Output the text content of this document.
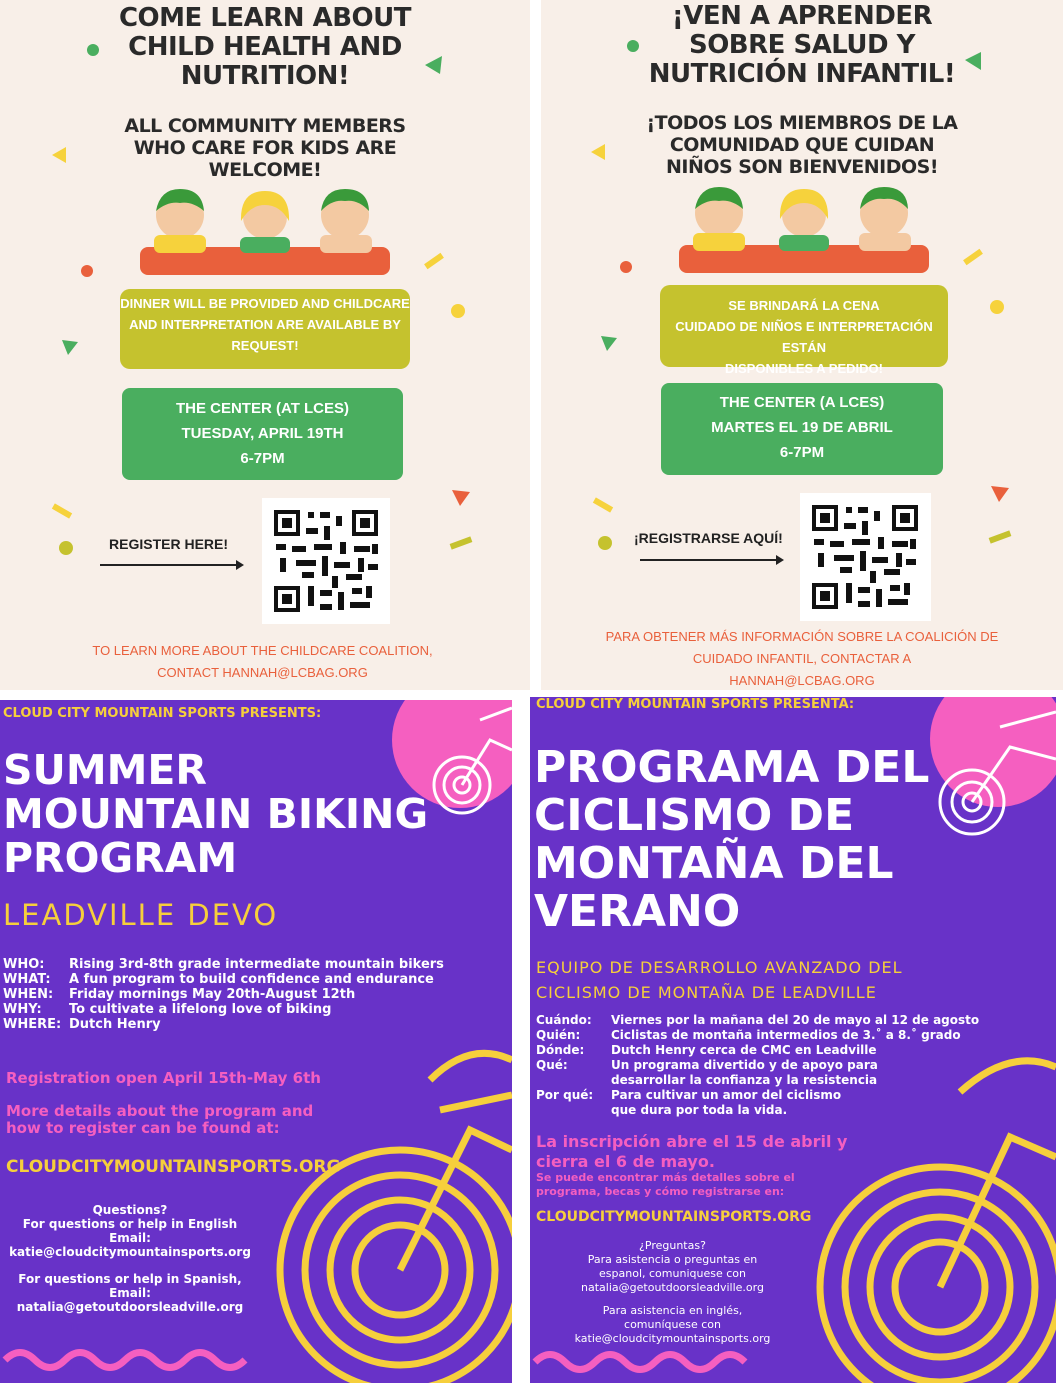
COME LEARN ABOUT
CHILD HEALTH AND
NUTRITION!
ALL COMMUNITY MEMBERS
WHO CARE FOR KIDS ARE
WELCOME!
DINNER WILL BE PROVIDED AND CHILDCARE
AND INTERPRETATION ARE AVAILABLE BY
REQUEST!
THE CENTER (AT LCES)
TUESDAY, APRIL 19TH
6-7PM
REGISTER HERE!
TO LEARN MORE ABOUT THE CHILDCARE COALITION,
CONTACT HANNAH@LCBAG.ORG
¡VEN A APRENDER
SOBRE SALUD Y
NUTRICIÓN INFANTIL!
¡TODOS LOS MIEMBROS DE LA
COMUNIDAD QUE CUIDAN
NIÑOS SON BIENVENIDOS!
SE BRINDARÁ LA CENA
CUIDADO DE NIÑOS E INTERPRETACIÓN ESTÁN
DISPONIBLES A PEDIDO!
THE CENTER (A LCES)
MARTES EL 19 DE ABRIL
6-7PM
¡REGISTRARSE AQUÍ!
PARA OBTENER MÁS INFORMACIÓN SOBRE LA COALICIÓN DE
CUIDADO INFANTIL, CONTACTAR A
HANNAH@LCBAG.ORG
CLOUD CITY MOUNTAIN SPORTS PRESENTS:
SUMMER
MOUNTAIN BIKING
PROGRAM
LEADVILLE DEVO
WHO: Rising 3rd-8th grade intermediate mountain bikers
WHAT: A fun program to build confidence and endurance
WHEN: Friday mornings May 20th-August 12th
WHY: To cultivate a lifelong love of biking
WHERE: Dutch Henry
Registration open April 15th-May 6th
More details about the program and
how to register can be found at:
CLOUDCITYMOUNTAINSPORTS.ORG
Questions?
For questions or help in English
Email:
katie@cloudcitymountainsports.org
For questions or help in Spanish,
Email:
natalia@getoutdoorsleadville.org
CLOUD CITY MOUNTAIN SPORTS PRESENTA:
PROGRAMA DEL
CICLISMO DE
MONTAÑA DEL
VERANO
EQUIPO DE DESARROLLO AVANZADO DEL
CICLISMO DE MONTAÑA DE LEADVILLE
Cuándo: Viernes por la mañana del 20 de mayo al 12 de agosto
Quién:	Ciclistas de montaña intermedios de 3.˚ a 8.˚ grado
Dónde: Dutch Henry cerca de CMC en Leadville
Qué:	Un programa divertido y de apoyo para
desarrollar la confianza y la resistencia
Por qué: Para cultivar un amor del ciclismo
que dura por toda la vida.
La inscripción abre el 15 de abril y
cierra el 6 de mayo.
Se puede encontrar más detalles sobre el
programa, becas y cómo registrarse en:
CLOUDCITYMOUNTAINSPORTS.ORG
¿Preguntas?
Para asistencia o preguntas en
espanol, comuniquese con
natalia@getoutdoorsleadville.org
Para asistencia en inglés,
comuníquese con
katie@cloudcitymountainsports.org
